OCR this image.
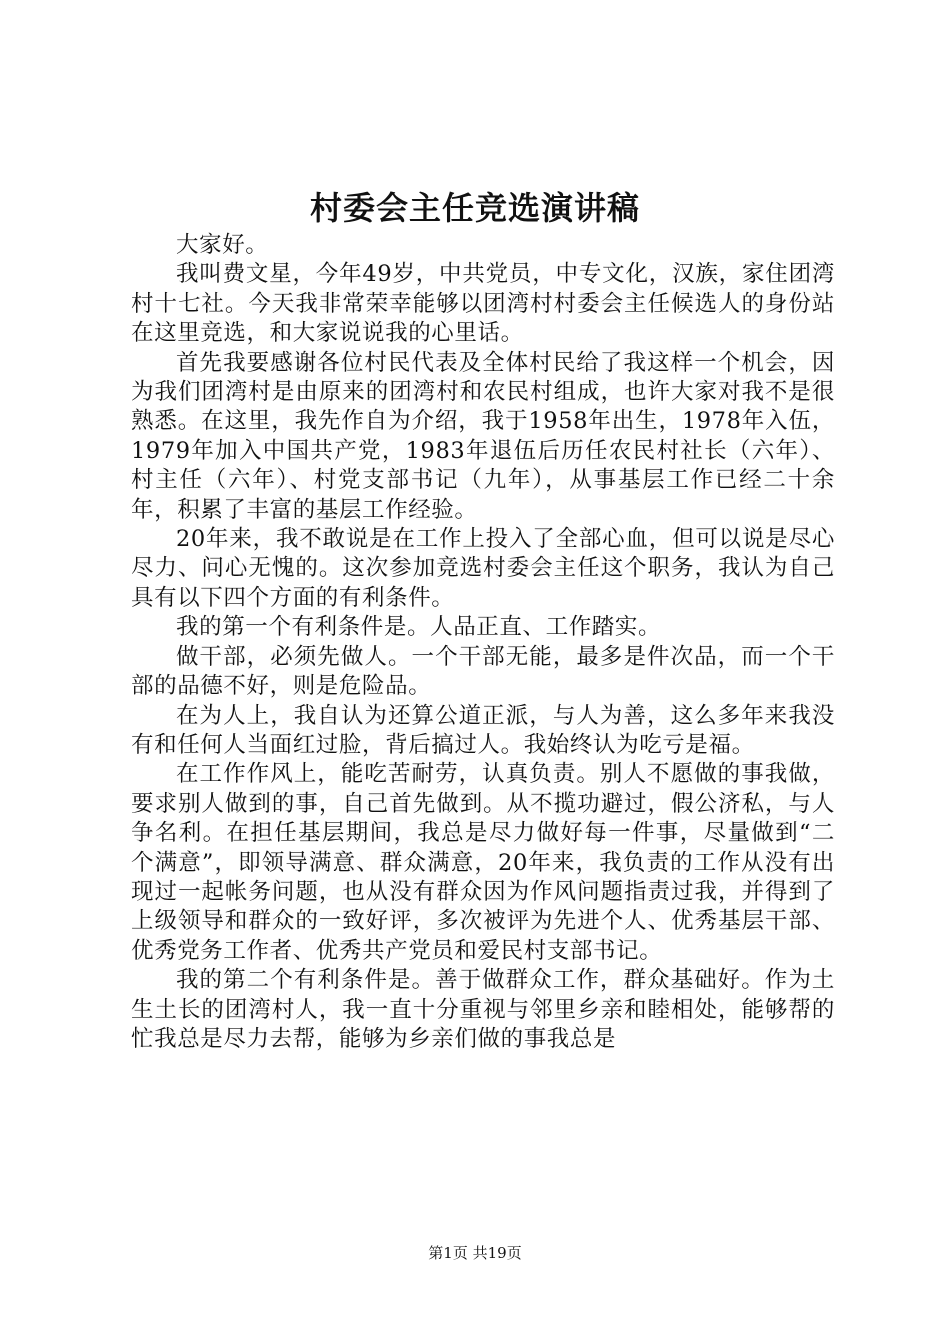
村委会主任竞选演讲稿

大家好。

我叫费文星，今年49岁，中共党员，中专文化，汉族，家住团湾村十七社。今天我非常荣幸能够以团湾村村委会主任候选人的身份站在这里竞选，和大家说说我的心里话。

首先我要感谢各位村民代表及全体村民给了我这样一个机会，因为我们团湾村是由原来的团湾村和农民村组成，也许大家对我不是很熟悉。在这里，我先作自为介绍，我于1958年出生，1978年入伍，1979年加入中国共产党，1983年退伍后历任农民村社长（六年）、村主任（六年）、村党支部书记（九年），从事基层工作已经二十余年，积累了丰富的基层工作经验。

20年来，我不敢说是在工作上投入了全部心血，但可以说是尽心尽力、问心无愧的。这次参加竞选村委会主任这个职务，我认为自己具有以下四个方面的有利条件。

我的第一个有利条件是。人品正直、工作踏实。

做干部，必须先做人。一个干部无能，最多是件次品，而一个干部的品德不好，则是危险品。

在为人上，我自认为还算公道正派，与人为善，这么多年来我没有和任何人当面红过脸，背后搞过人。我始终认为吃亏是福。

在工作作风上，能吃苦耐劳，认真负责。别人不愿做的事我做，要求别人做到的事，自己首先做到。从不揽功避过，假公济私，与人争名利。在担任基层期间，我总是尽力做好每一件事，尽量做到“二个满意”，即领导满意、群众满意，20年来，我负责的工作从没有出现过一起帐务问题，也从没有群众因为作风问题指责过我，并得到了上级领导和群众的一致好评，多次被评为先进个人、优秀基层干部、优秀党务工作者、优秀共产党员和爱民村支部书记。

我的第二个有利条件是。善于做群众工作，群众基础好。作为土生土长的团湾村人，我一直十分重视与邻里乡亲和睦相处，能够帮的忙我总是尽力去帮，能够为乡亲们做的事我总是

第1页 共19页
